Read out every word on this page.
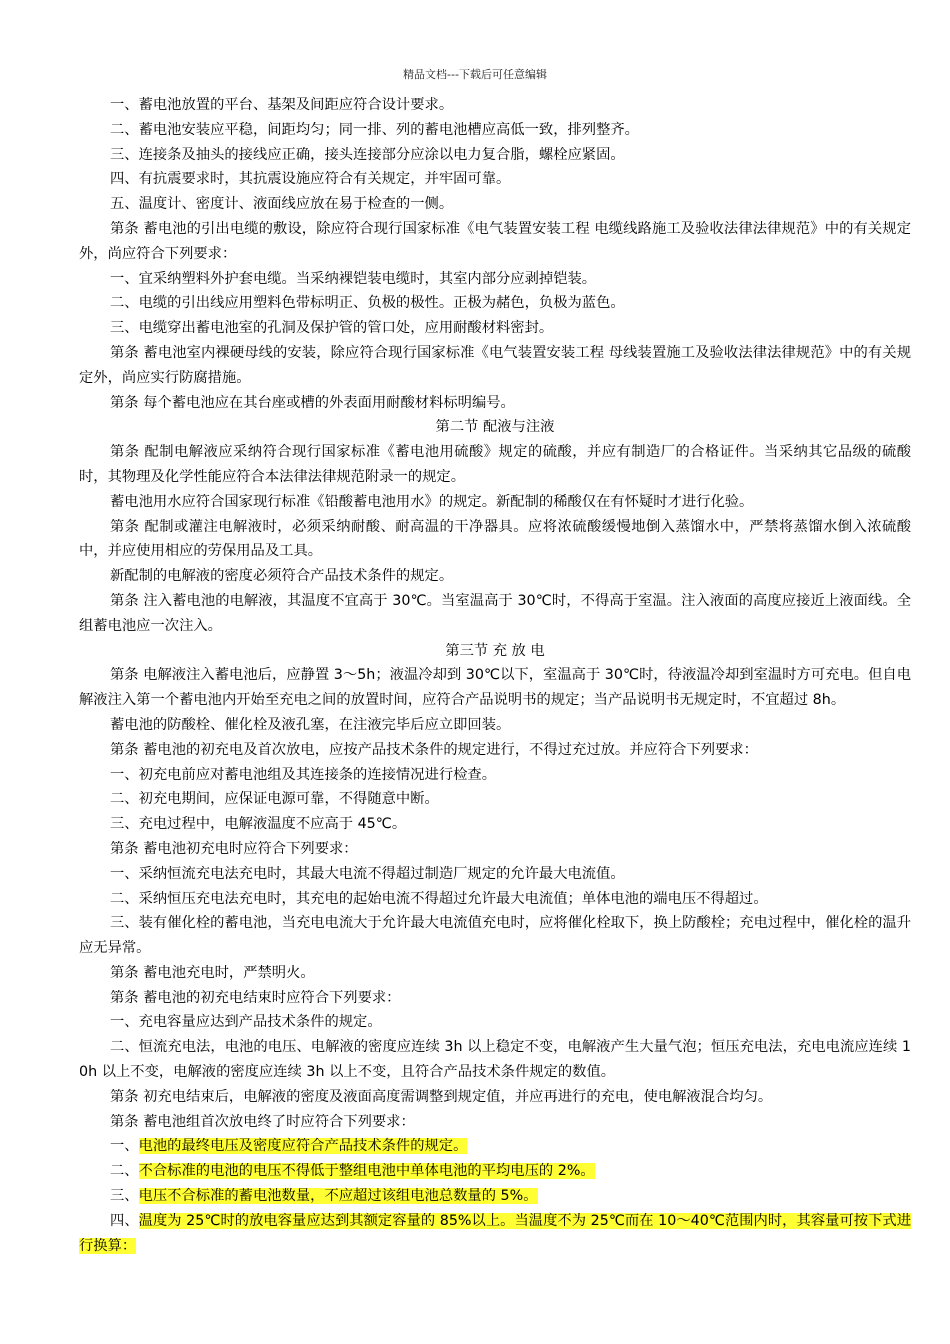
精品文档---下载后可任意编辑

一、蓄电池放置的平台、基架及间距应符合设计要求。

二、蓄电池安装应平稳，间距均匀；同一排、列的蓄电池槽应高低一致，排列整齐。

三、连接条及抽头的接线应正确，接头连接部分应涂以电力复合脂，螺栓应紧固。

四、有抗震要求时，其抗震设施应符合有关规定，并牢固可靠。

五、温度计、密度计、液面线应放在易于检查的一侧。

第条 蓄电池的引出电缆的敷设，除应符合现行国家标准《电气装置安装工程 电缆线路施工及验收法律法律规范》中的有关规定外，尚应符合下列要求：

一、宜采纳塑料外护套电缆。当采纳裸铠装电缆时，其室内部分应剥掉铠装。

二、电缆的引出线应用塑料色带标明正、负极的极性。正极为赭色，负极为蓝色。

三、电缆穿出蓄电池室的孔洞及保护管的管口处，应用耐酸材料密封。

第条 蓄电池室内裸硬母线的安装，除应符合现行国家标准《电气装置安装工程 母线装置施工及验收法律法律规范》中的有关规定外，尚应实行防腐措施。

第条 每个蓄电池应在其台座或槽的外表面用耐酸材料标明编号。

第二节 配液与注液

第条 配制电解液应采纳符合现行国家标准《蓄电池用硫酸》规定的硫酸，并应有制造厂的合格证件。当采纳其它品级的硫酸时，其物理及化学性能应符合本法律法律规范附录一的规定。

蓄电池用水应符合国家现行标准《铅酸蓄电池用水》的规定。新配制的稀酸仅在有怀疑时才进行化验。

第条 配制或灌注电解液时，必须采纳耐酸、耐高温的干净器具。应将浓硫酸缓慢地倒入蒸馏水中，严禁将蒸馏水倒入浓硫酸中，并应使用相应的劳保用品及工具。

新配制的电解液的密度必须符合产品技术条件的规定。

第条 注入蓄电池的电解液，其温度不宜高于 30℃。当室温高于 30℃时，不得高于室温。注入液面的高度应接近上液面线。全组蓄电池应一次注入。

第三节 充 放 电

第条 电解液注入蓄电池后，应静置 3～5h；液温冷却到 30℃以下，室温高于 30℃时，待液温冷却到室温时方可充电。但自电解液注入第一个蓄电池内开始至充电之间的放置时间，应符合产品说明书的规定；当产品说明书无规定时，不宜超过 8h。

蓄电池的防酸栓、催化栓及液孔塞，在注液完毕后应立即回装。

第条 蓄电池的初充电及首次放电，应按产品技术条件的规定进行，不得过充过放。并应符合下列要求：

一、初充电前应对蓄电池组及其连接条的连接情况进行检查。

二、初充电期间，应保证电源可靠，不得随意中断。

三、充电过程中，电解液温度不应高于 45℃。

第条 蓄电池初充电时应符合下列要求：

一、采纳恒流充电法充电时，其最大电流不得超过制造厂规定的允许最大电流值。

二、采纳恒压充电法充电时，其充电的起始电流不得超过允许最大电流值；单体电池的端电压不得超过。

三、装有催化栓的蓄电池，当充电电流大于允许最大电流值充电时，应将催化栓取下，换上防酸栓；充电过程中，催化栓的温升应无异常。

第条 蓄电池充电时，严禁明火。

第条 蓄电池的初充电结束时应符合下列要求：

一、充电容量应达到产品技术条件的规定。

二、恒流充电法，电池的电压、电解液的密度应连续 3h 以上稳定不变，电解液产生大量气泡；恒压充电法，充电电流应连续 10h 以上不变，电解液的密度应连续 3h 以上不变，且符合产品技术条件规定的数值。

第条 初充电结束后，电解液的密度及液面高度需调整到规定值，并应再进行的充电，使电解液混合均匀。

第条 蓄电池组首次放电终了时应符合下列要求：

一、电池的最终电压及密度应符合产品技术条件的规定。

二、不合标准的电池的电压不得低于整组电池中单体电池的平均电压的 2%。

三、电压不合标准的蓄电池数量，不应超过该组电池总数量的 5%。

四、温度为 25℃时的放电容量应达到其额定容量的 85%以上。当温度不为 25℃而在 10～40℃范围内时，其容量可按下式进行换算：
